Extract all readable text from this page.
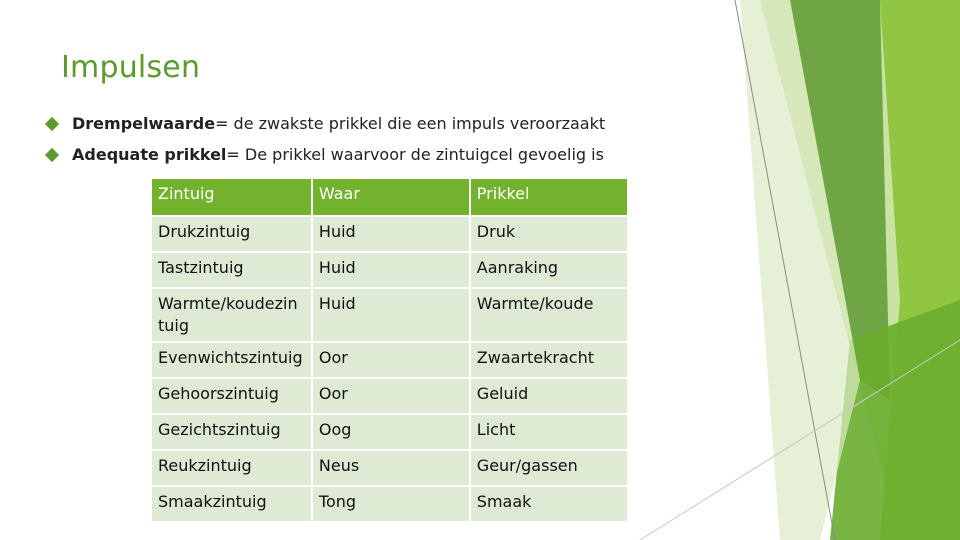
Impulsen
Drempelwaarde= de zwakste prikkel die een impuls veroorzaakt
Adequate prikkel= De prikkel waarvoor de zintuigcel gevoelig is
Zintuig	Waar	Prikkel
Drukzintuig	Huid	Druk
Tastzintuig	Huid	Aanraking
Warmte/koudezin tuig	Huid	Warmte/koude
Evenwichtszintuig	Oor	Zwaartekracht
Gehoorszintuig	Oor	Geluid
Gezichtszintuig	Oog	Licht
Reukzintuig	Neus	Geur/gassen
Smaakzintuig	Tong	Smaak
